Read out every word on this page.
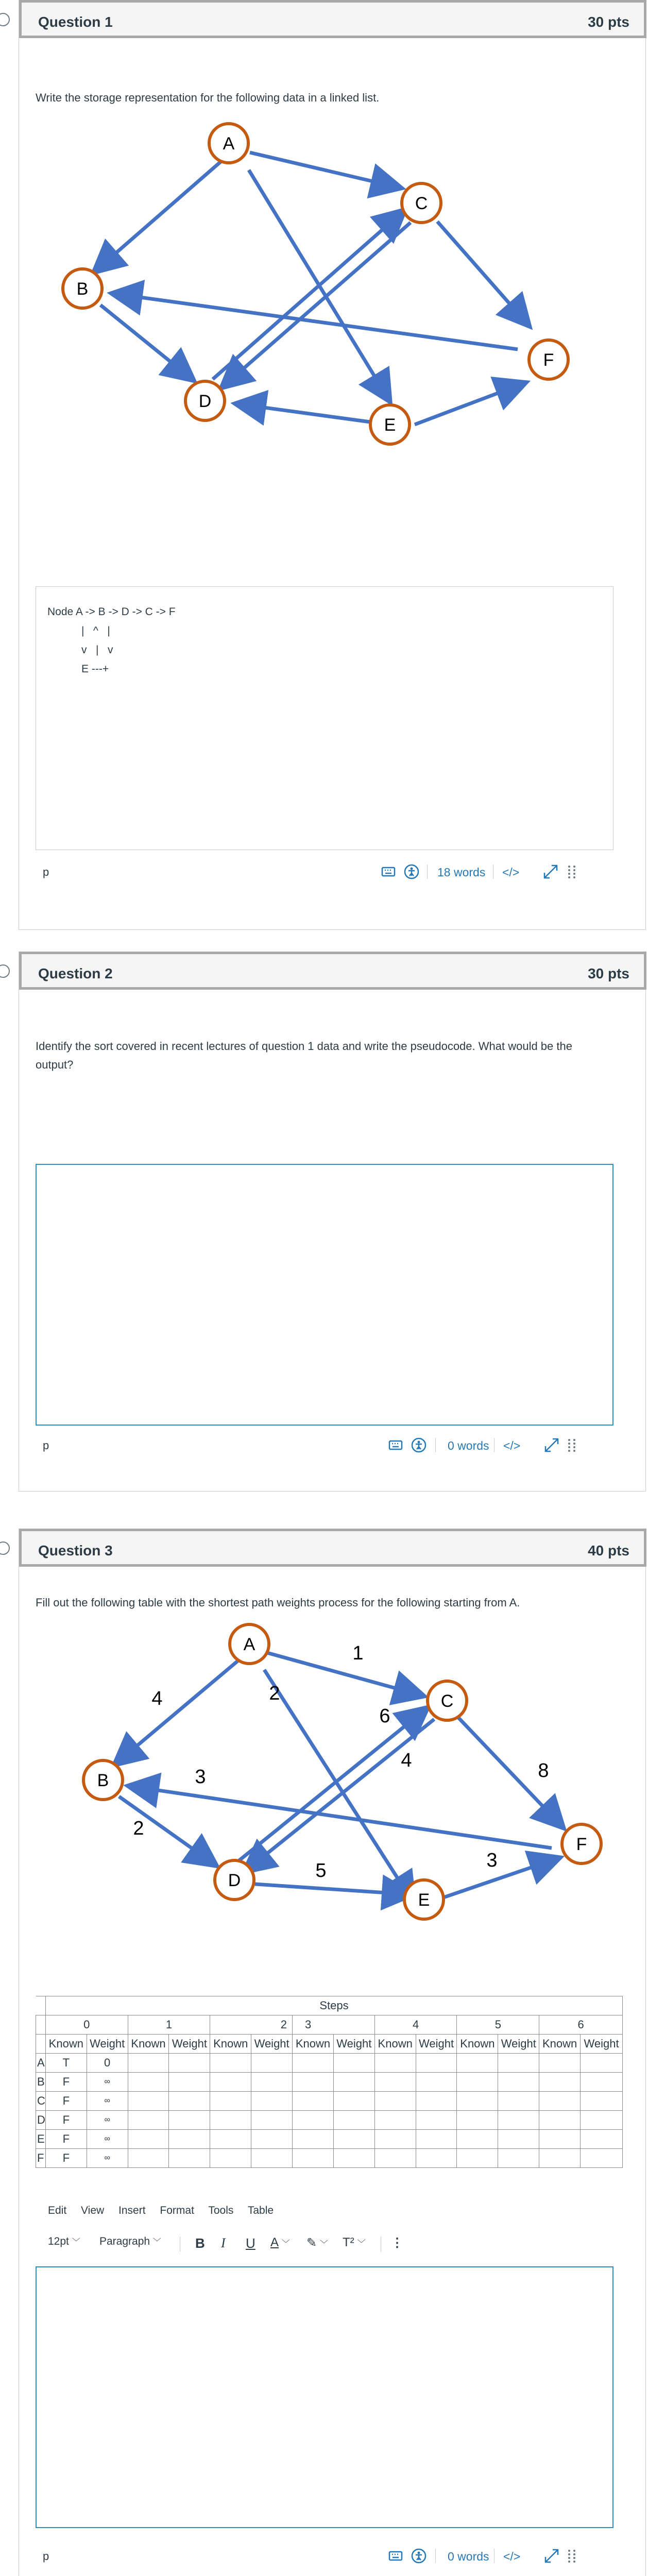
Question 1	30 pts
Write the storage representation for the following data in a linked list.
A
B
C
D
E
F
Node A -> B -> D -> C -> F
|   ^   |
v   |   v
E ---+
p	18 words </>
Question 2	30 pts
Identify the sort covered in recent lectures of question 1 data and write the pseudocode. What would be the output?
p	0 words </>
Question 3	40 pts
Fill out the following table with the shortest path weights process for the following starting from A.
A
B
C
D
E
F
4
1
2
2
3
6
4	8
5	3
	Steps													
	0		1		2		3		4		5		6	
	Known	Weight	Known	Weight	Known	Weight	Known	Weight	Known	Weight	Known	Weight	Known	Weight
A	T	0												
B	F	∞												
C	F	∞												
D	F	∞												
E	F	∞												
F	F	∞												
Edit View Insert Format Tools Table
12pt ﹀ Paragraph ﹀	B I U A ﹀ ✎ ﹀ T² ﹀ ⋮
p	0 words </>
